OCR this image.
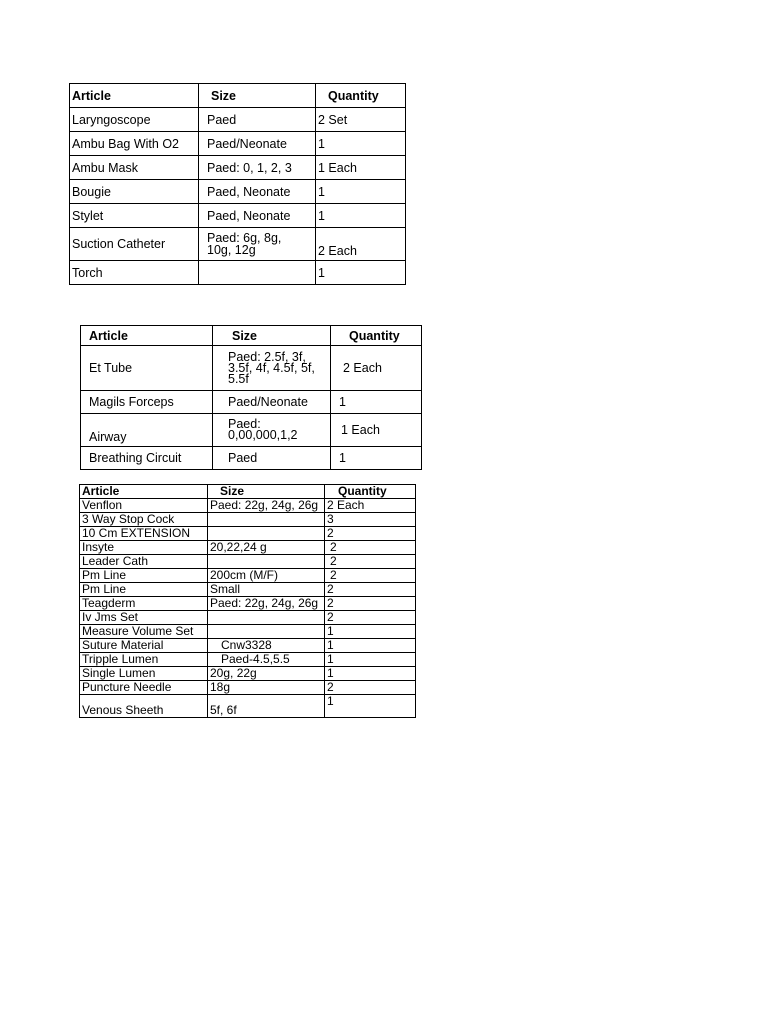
Article	Size	Quantity
Laryngoscope	Paed	2 Set
Ambu Bag With O2	Paed/Neonate	1
Ambu Mask	Paed: 0, 1, 2, 3	1 Each
Bougie	Paed, Neonate	1
Stylet	Paed, Neonate	1
Suction Catheter	Paed: 6g, 8g, 10g, 12g	2 Each
Torch		1
Article	Size	Quantity
Et Tube	Paed: 2.5f, 3f, 3.5f, 4f, 4.5f, 5f, 5.5f	2 Each
Magils Forceps	Paed/Neonate	1
Airway	Paed: 0,00,000,1,2	1 Each
Breathing Circuit	Paed	1
Article	Size	Quantity
Venflon	Paed: 22g, 24g, 26g	2 Each
3 Way Stop Cock		3
10 Cm EXTENSION		2
Insyte	20,22,24 g	2
Leader Cath		2
Pm Line	200cm (M/F)	2
Pm Line	Small	2
Teagderm	Paed: 22g, 24g, 26g	2
Iv Jms Set		2
Measure Volume Set		1
Suture Material	Cnw3328	1
Tripple Lumen	Paed-4.5,5.5	1
Single Lumen	20g, 22g	1
Puncture Needle	18g	2
Venous Sheeth	5f, 6f	1
